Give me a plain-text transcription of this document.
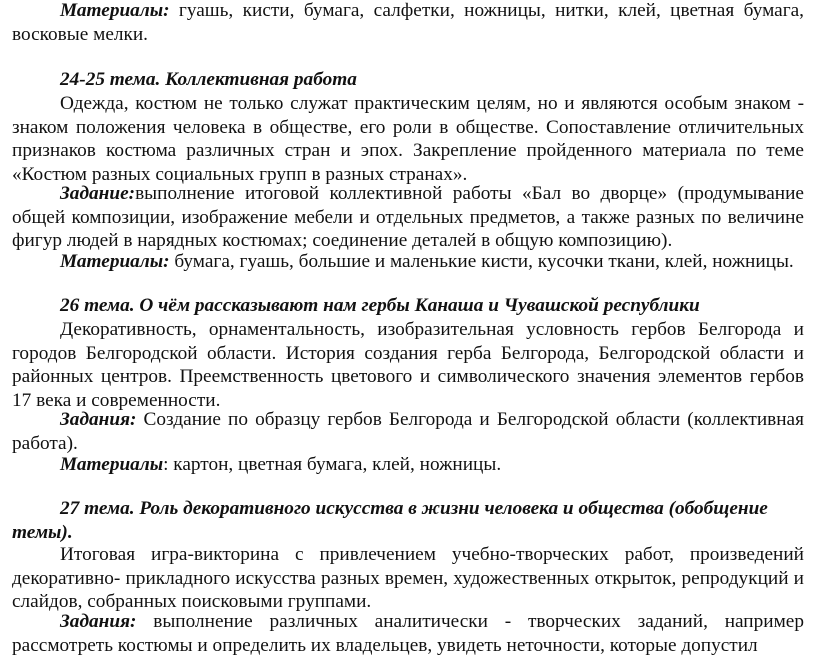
Материалы: гуашь, кисти, бумага, салфетки, ножницы, нитки, клей, цветная бумага, восковые мелки.

24-25 тема. Коллективная работа

Одежда, костюм не только служат практическим целям, но и являются особым знаком - знаком положения человека в обществе, его роли в обществе. Сопоставление отличительных признаков костюма различных стран и эпох. Закрепление пройденного материала по теме «Костюм разных социальных групп в разных странах».

Задание:выполнение итоговой коллективной работы «Бал во дворце» (продумывание общей композиции, изображение мебели и отдельных предметов, а также разных по величине фигур людей в нарядных костюмах; соединение деталей в общую композицию).

Материалы: бумага, гуашь, большие и маленькие кисти, кусочки ткани, клей, ножницы.

26 тема. О чём рассказывают нам гербы Канаша и Чувашской республики

Декоративность, орнаментальность, изобразительная условность гербов Белгорода и городов Белгородской области. История создания герба Белгорода, Белгородской области и районных центров. Преемственность цветового и символического значения элементов гербов 17 века и современности.

Задания: Создание по образцу гербов Белгорода и Белгородской области (коллективная работа).

Материалы: картон, цветная бумага, клей, ножницы.

27 тема. Роль декоративного искусства в жизни человека и общества (обобщение темы).

Итоговая игра-викторина с привлечением учебно-творческих работ, произведений декоративно- прикладного искусства разных времен, художественных открыток, репродукций и слайдов, собранных поисковыми группами.

Задания: выполнение различных аналитически - творческих заданий, например рассмотреть костюмы и определить их владельцев, увидеть неточности, которые допустил
